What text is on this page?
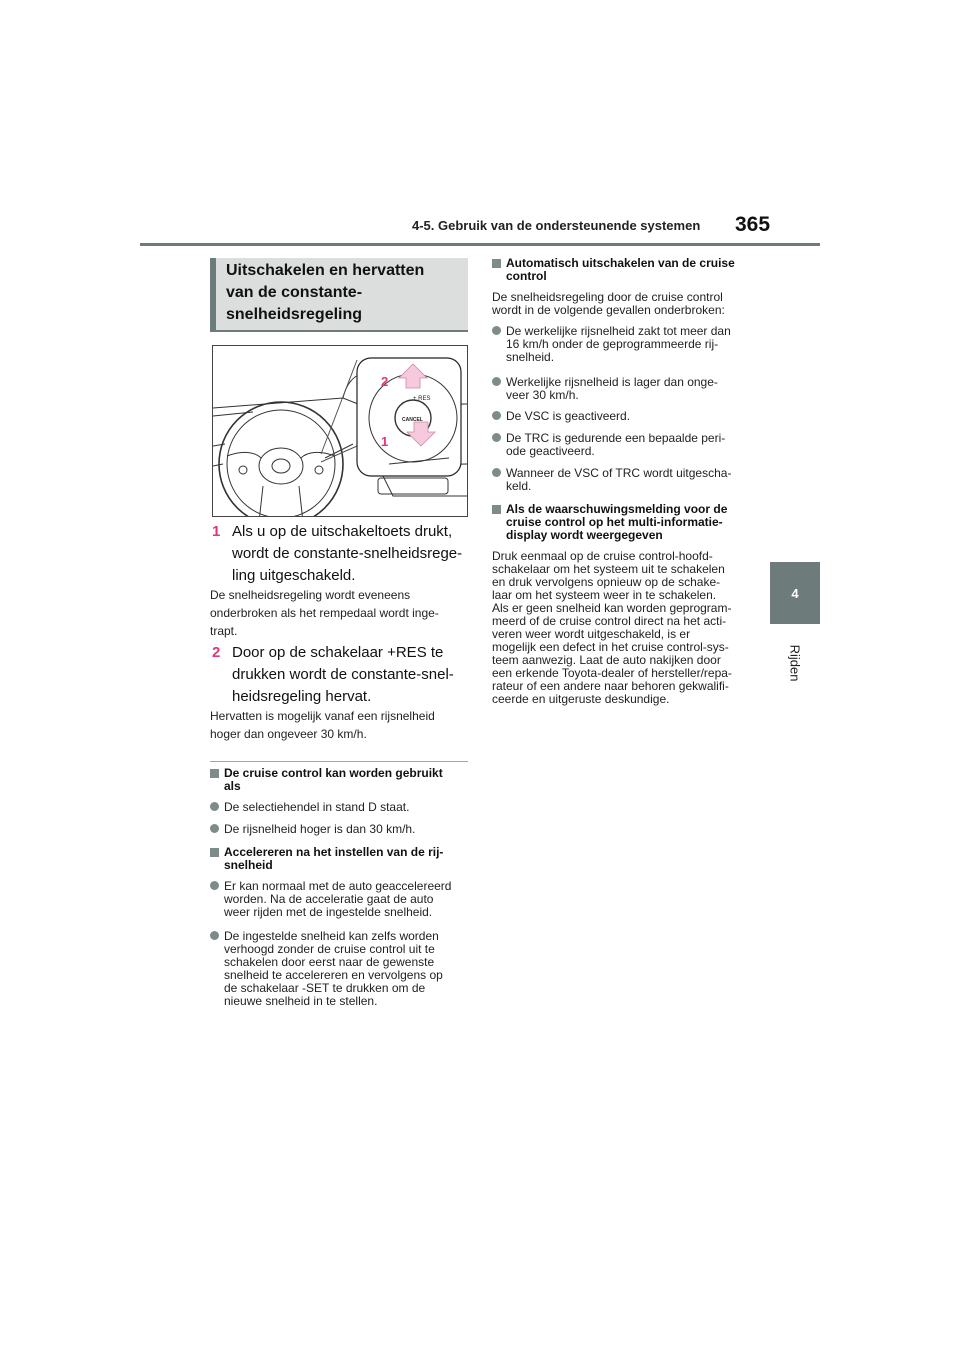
4-5. Gebruik van de ondersteunende systemen 365
4
Rijden
Uitschakelen en hervatten
van de constante-
snelheidsregeling
+ RES
CANCEL
2
1
1 Als u op de uitschakeltoets drukt,
wordt de constante-snelheidsrege-
ling uitgeschakeld.
De snelheidsregeling wordt eveneens
onderbroken als het rempedaal wordt inge-
trapt.
2 Door op de schakelaar +RES te
drukken wordt de constante-snel-
heidsregeling hervat.
Hervatten is mogelijk vanaf een rijsnelheid
hoger dan ongeveer 30 km/h.
De cruise control kan worden gebruikt
als
De selectiehendel in stand D staat.
De rijsnelheid hoger is dan 30 km/h.
Accelereren na het instellen van de rij-
snelheid
Er kan normaal met de auto geaccelereerd
worden. Na de acceleratie gaat de auto
weer rijden met de ingestelde snelheid.
De ingestelde snelheid kan zelfs worden
verhoogd zonder de cruise control uit te
schakelen door eerst naar de gewenste
snelheid te accelereren en vervolgens op
de schakelaar -SET te drukken om de
nieuwe snelheid in te stellen.
Automatisch uitschakelen van de cruise
control
De snelheidsregeling door de cruise control
wordt in de volgende gevallen onderbroken:
De werkelijke rijsnelheid zakt tot meer dan
16 km/h onder de geprogrammeerde rij-
snelheid.
Werkelijke rijsnelheid is lager dan onge-
veer 30 km/h.
De VSC is geactiveerd.
De TRC is gedurende een bepaalde peri-
ode geactiveerd.
Wanneer de VSC of TRC wordt uitgescha-
keld.
Als de waarschuwingsmelding voor de
cruise control op het multi-informatie-
display wordt weergegeven
Druk eenmaal op de cruise control-hoofd-
schakelaar om het systeem uit te schakelen
en druk vervolgens opnieuw op de schake-
laar om het systeem weer in te schakelen.
Als er geen snelheid kan worden geprogram-
meerd of de cruise control direct na het acti-
veren weer wordt uitgeschakeld, is er
mogelijk een defect in het cruise control-sys-
teem aanwezig. Laat de auto nakijken door
een erkende Toyota-dealer of hersteller/repa-
rateur of een andere naar behoren gekwalifi-
ceerde en uitgeruste deskundige.
